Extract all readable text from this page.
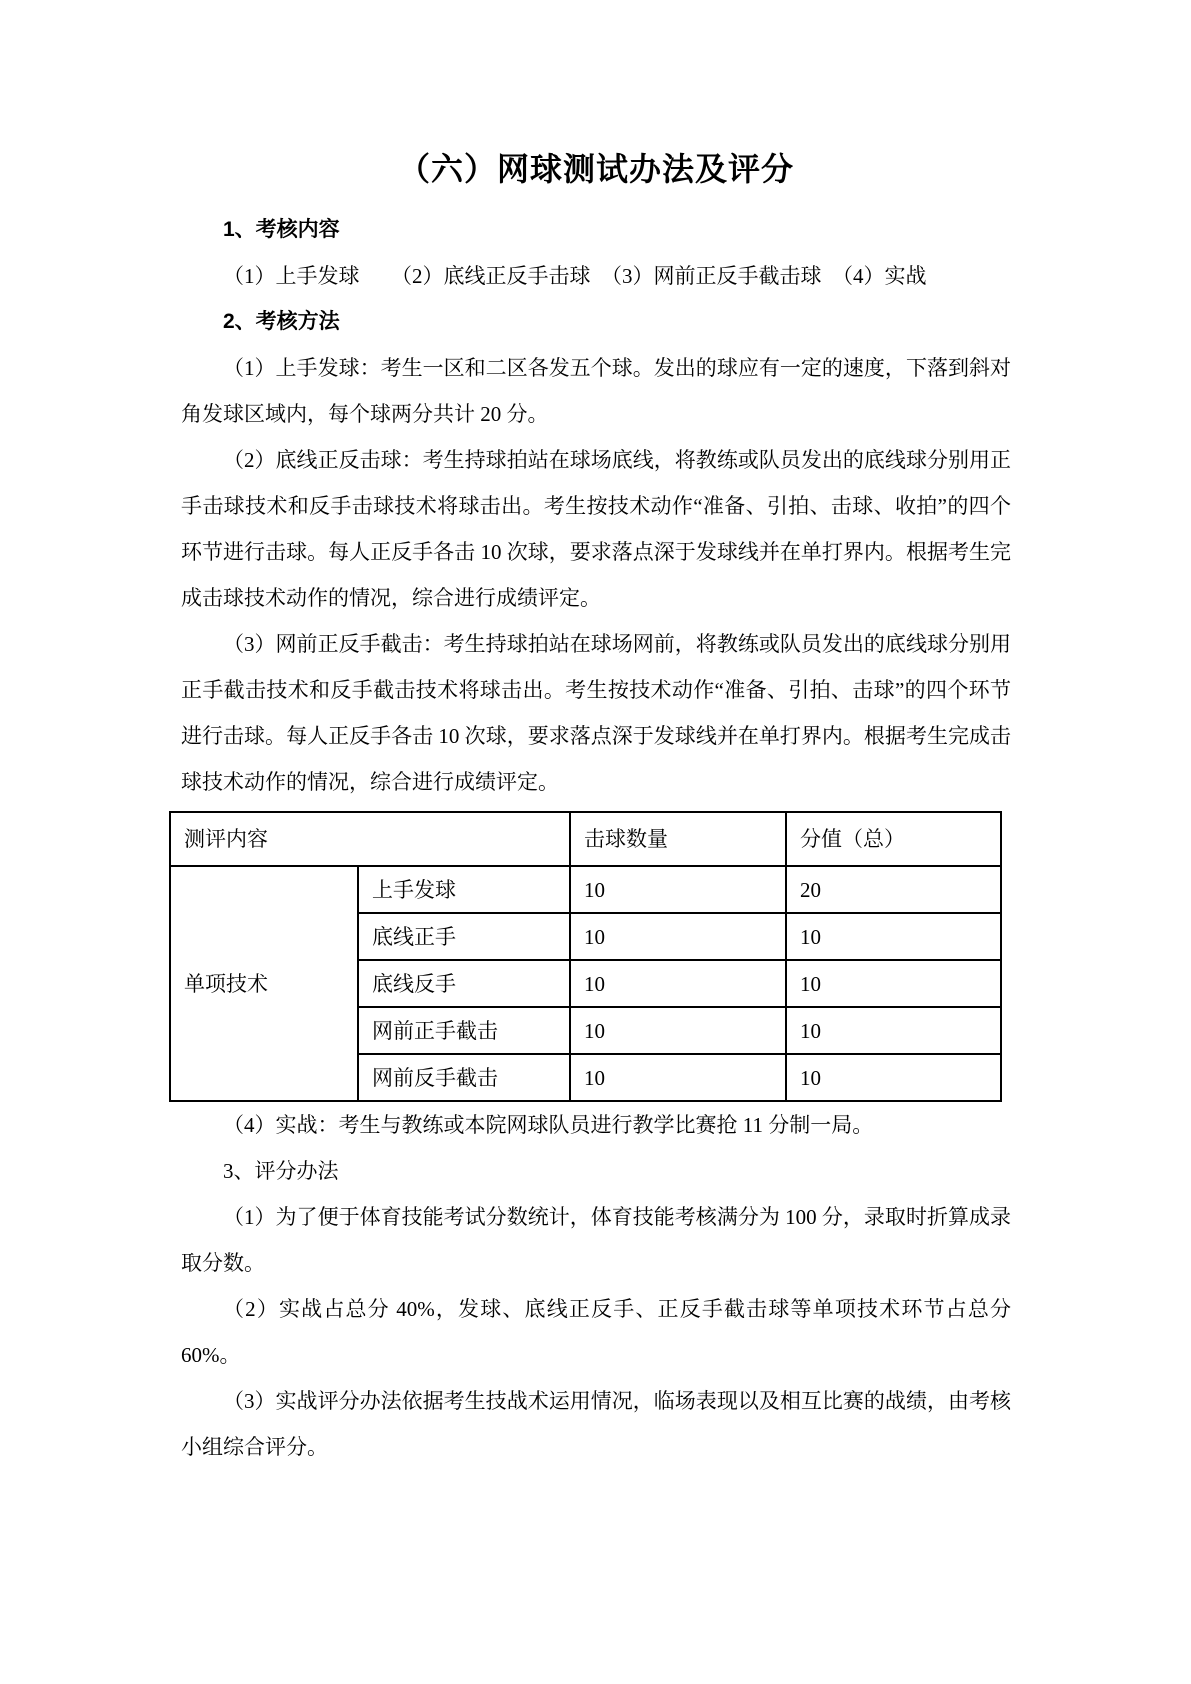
（六）网球测试办法及评分

1、考核内容

（1）上手发球　　（2）底线正反手击球　（3）网前正反手截击球　（4）实战

2、考核方法

（1）上手发球：考生一区和二区各发五个球。发出的球应有一定的速度，下落到斜对角发球区域内，每个球两分共计 20 分。

（2）底线正反击球：考生持球拍站在球场底线，将教练或队员发出的底线球分别用正手击球技术和反手击球技术将球击出。考生按技术动作“准备、引拍、击球、收拍”的四个环节进行击球。每人正反手各击 10 次球，要求落点深于发球线并在单打界内。根据考生完成击球技术动作的情况，综合进行成绩评定。

（3）网前正反手截击：考生持球拍站在球场网前，将教练或队员发出的底线球分别用正手截击技术和反手截击技术将球击出。考生按技术动作“准备、引拍、击球”的四个环节进行击球。每人正反手各击 10 次球，要求落点深于发球线并在单打界内。根据考生完成击球技术动作的情况，综合进行成绩评定。

测评内容		击球数量	分值（总）
单项技术	上手发球	10	20
	底线正手	10	10
	底线反手	10	10
	网前正手截击	10	10
	网前反手截击	10	10

（4）实战：考生与教练或本院网球队员进行教学比赛抢 11 分制一局。

3、评分办法

（1）为了便于体育技能考试分数统计，体育技能考核满分为 100 分，录取时折算成录取分数。

（2）实战占总分 40%，发球、底线正反手、正反手截击球等单项技术环节占总分 60%。

（3）实战评分办法依据考生技战术运用情况，临场表现以及相互比赛的战绩，由考核小组综合评分。
